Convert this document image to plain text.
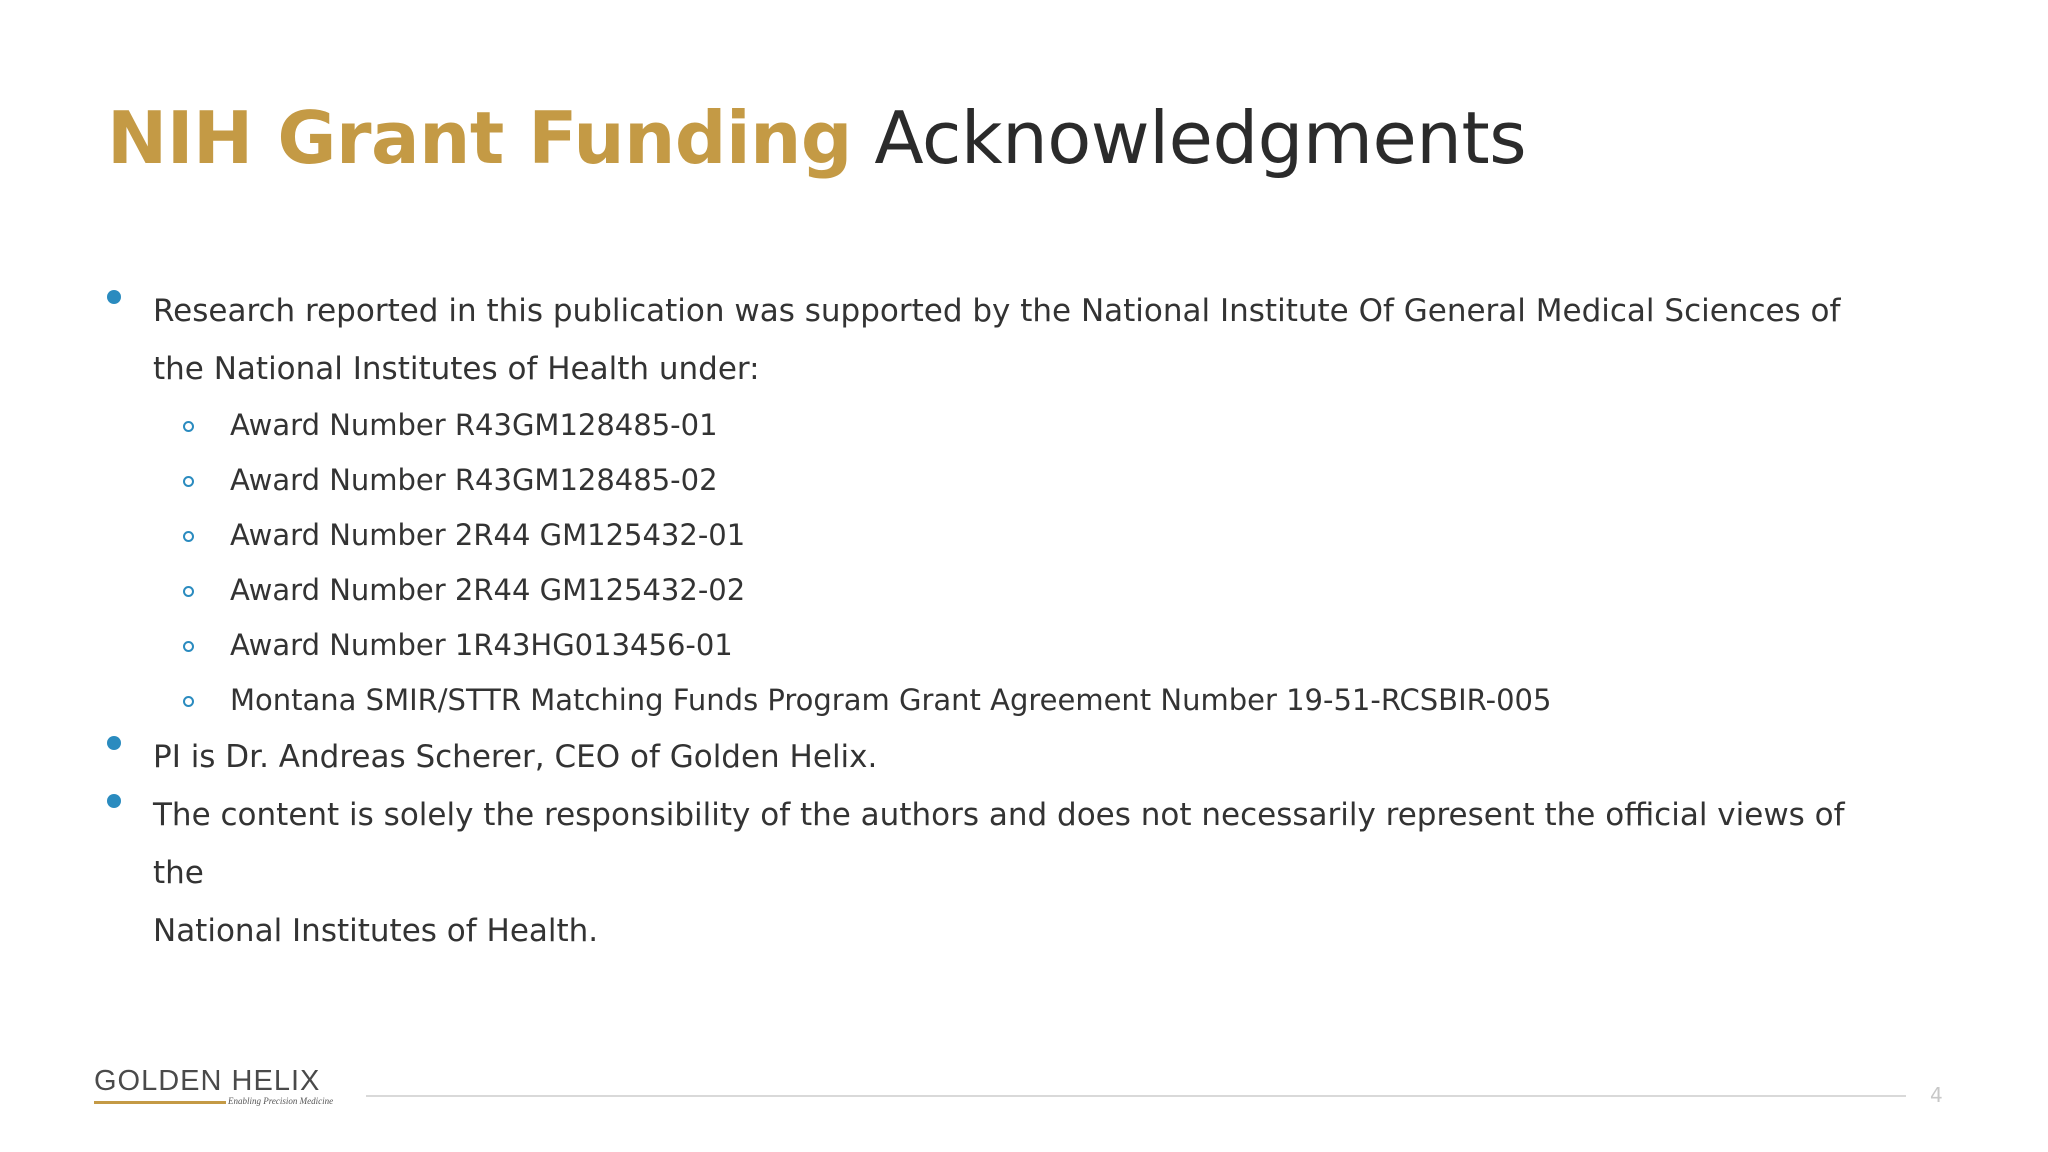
NIH Grant Funding Acknowledgments
Research reported in this publication was supported by the National Institute Of General Medical Sciences of
the National Institutes of Health under:
Award Number R43GM128485-01
Award Number R43GM128485-02
Award Number 2R44 GM125432-01
Award Number 2R44 GM125432-02
Award Number 1R43HG013456-01
Montana SMIR/STTR Matching Funds Program Grant Agreement Number 19-51-RCSBIR-005
PI is Dr. Andreas Scherer, CEO of Golden Helix.
The content is solely the responsibility of the authors and does not necessarily represent the official views of the
National Institutes of Health.
GOLDEN HELIX
Enabling Precision Medicine	4
